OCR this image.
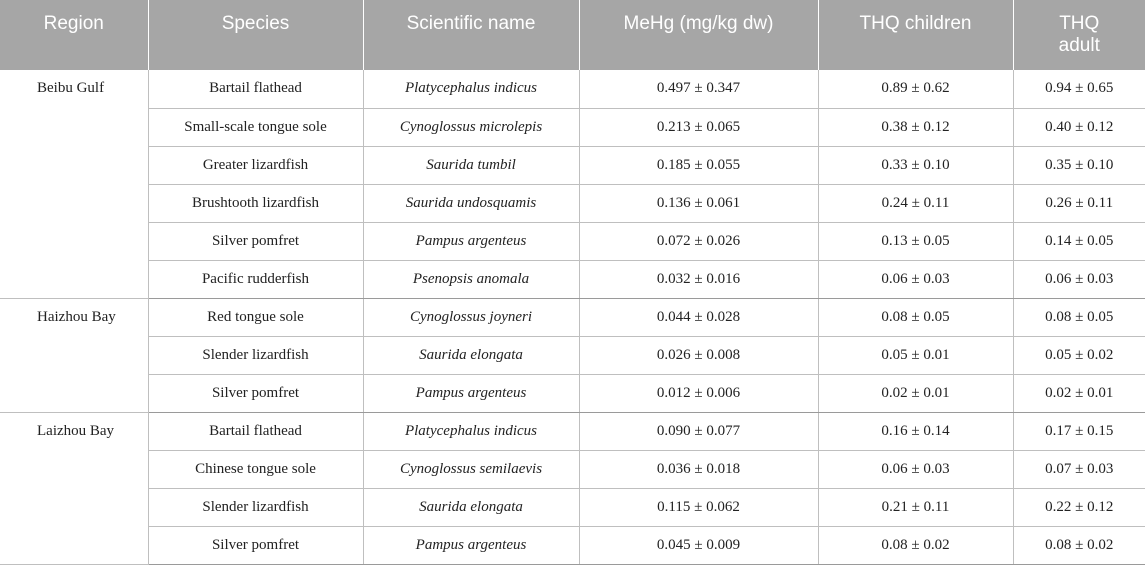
Region	Species	Scientific name	MeHg (mg/kg dw)	THQ children	THQ
adult
Beibu Gulf	Bartail flathead	Platycephalus indicus	0.497 ± 0.347	0.89 ± 0.62	0.94 ± 0.65
	Small-scale tongue sole	Cynoglossus microlepis	0.213 ± 0.065	0.38 ± 0.12	0.40 ± 0.12
	Greater lizardfish	Saurida tumbil	0.185 ± 0.055	0.33 ± 0.10	0.35 ± 0.10
	Brushtooth lizardfish	Saurida undosquamis	0.136 ± 0.061	0.24 ± 0.11	0.26 ± 0.11
	Silver pomfret	Pampus argenteus	0.072 ± 0.026	0.13 ± 0.05	0.14 ± 0.05
	Pacific rudderfish	Psenopsis anomala	0.032 ± 0.016	0.06 ± 0.03	0.06 ± 0.03
Haizhou Bay	Red tongue sole	Cynoglossus joyneri	0.044 ± 0.028	0.08 ± 0.05	0.08 ± 0.05
	Slender lizardfish	Saurida elongata	0.026 ± 0.008	0.05 ± 0.01	0.05 ± 0.02
	Silver pomfret	Pampus argenteus	0.012 ± 0.006	0.02 ± 0.01	0.02 ± 0.01
Laizhou Bay	Bartail flathead	Platycephalus indicus	0.090 ± 0.077	0.16 ± 0.14	0.17 ± 0.15
	Chinese tongue sole	Cynoglossus semilaevis	0.036 ± 0.018	0.06 ± 0.03	0.07 ± 0.03
	Slender lizardfish	Saurida elongata	0.115 ± 0.062	0.21 ± 0.11	0.22 ± 0.12
	Silver pomfret	Pampus argenteus	0.045 ± 0.009	0.08 ± 0.02	0.08 ± 0.02
